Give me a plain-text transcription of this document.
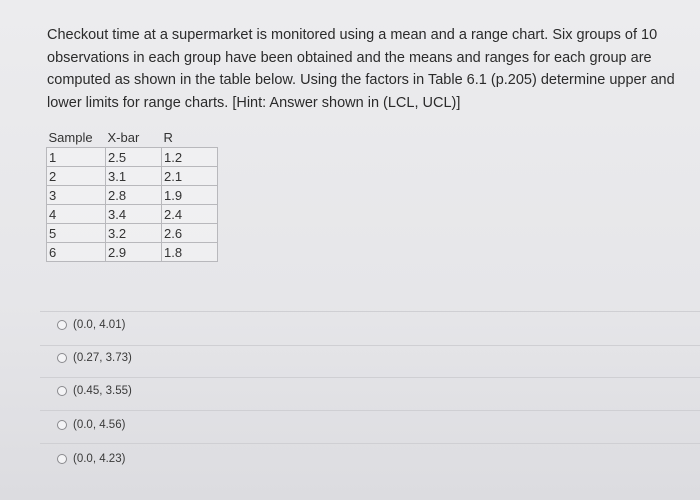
Checkout time at a supermarket is monitored using a mean and a range chart. Six groups of 10 observations in each group have been obtained and the means and ranges for each group are computed as shown in the table below. Using the factors in Table 6.1 (p.205) determine upper and lower limits for range charts. [Hint: Answer shown in (LCL, UCL)]
Sample	X-bar	R
1	2.5	1.2
2	3.1	2.1
3	2.8	1.9
4	3.4	2.4
5	3.2	2.6
6	2.9	1.8
(0.0, 4.01)
(0.27, 3.73)
(0.45, 3.55)
(0.0, 4.56)
(0.0, 4.23)
